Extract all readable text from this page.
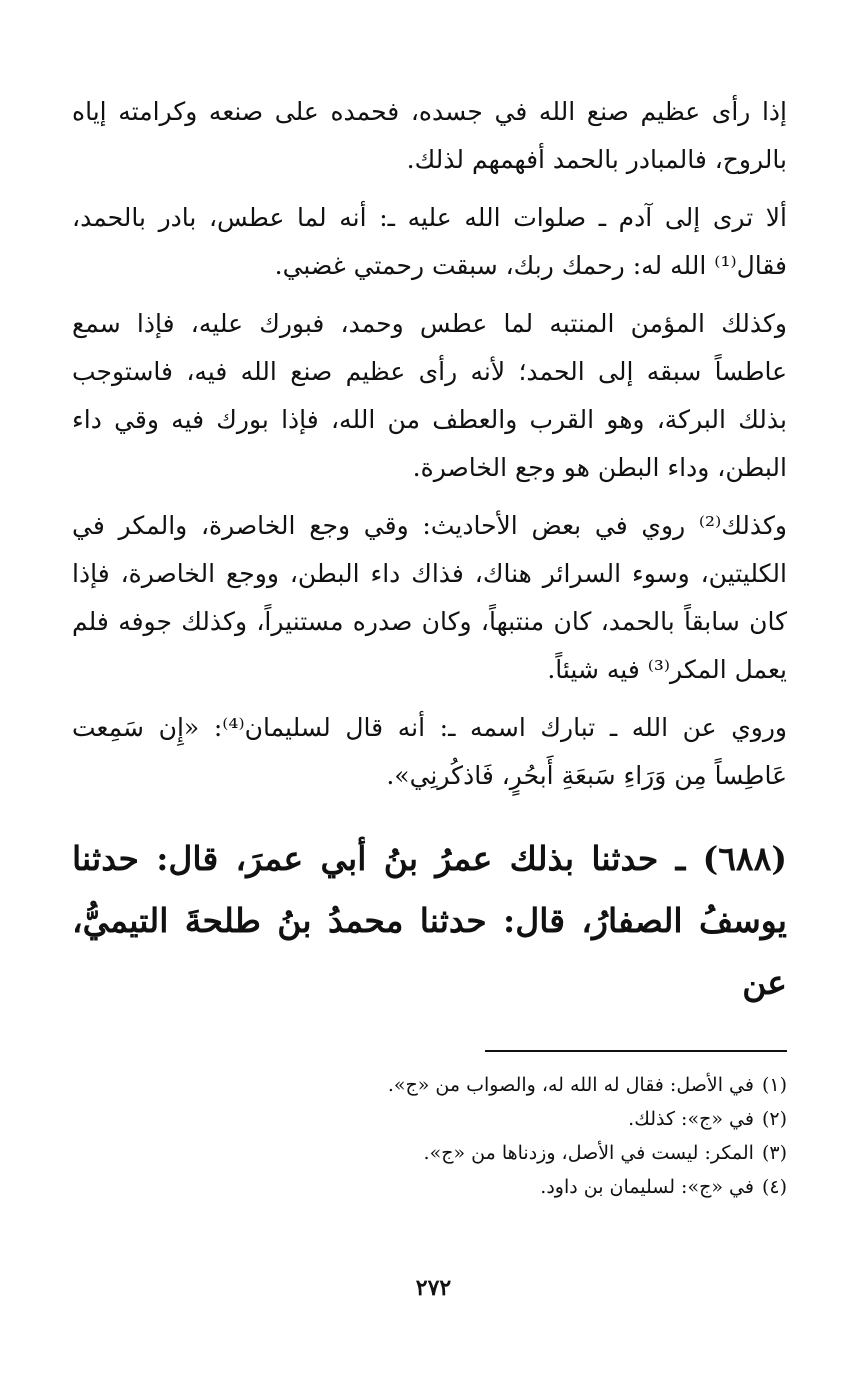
إذا رأى عظيم صنع الله في جسده، فحمده على صنعه وكرامته إياه بالروح، فالمبادر بالحمد أفهمهم لذلك.

ألا ترى إلى آدم ـ صلوات الله عليه ـ: أنه لما عطس، بادر بالحمد، فقال⁽¹⁾ الله له: رحمك ربك، سبقت رحمتي غضبي.

وكذلك المؤمن المنتبه لما عطس وحمد، فبورك عليه، فإذا سمع عاطساً سبقه إلى الحمد؛ لأنه رأى عظيم صنع الله فيه، فاستوجب بذلك البركة، وهو القرب والعطف من الله، فإذا بورك فيه وقي داء البطن، وداء البطن هو وجع الخاصرة.

وكذلك⁽²⁾ روي في بعض الأحاديث: وقي وجع الخاصرة، والمكر في الكليتين، وسوء السرائر هناك، فذاك داء البطن، ووجع الخاصرة، فإذا كان سابقاً بالحمد، كان منتبهاً، وكان صدره مستنيراً، وكذلك جوفه فلم يعمل المكر⁽³⁾ فيه شيئاً.

وروي عن الله ـ تبارك اسمه ـ: أنه قال لسليمان⁽⁴⁾: «إِن سَمِعت عَاطِساً مِن وَرَاءِ سَبعَةِ أَبحُرٍ، فَاذكُرنِي».

(٦٨٨) ـ حدثنا بذلك عمرُ بنُ أبي عمرَ، قال: حدثنا يوسفُ الصفارُ، قال: حدثنا محمدُ بنُ طلحةَ التيميُّ، عن

(١)في الأصل: فقال له الله له، والصواب من «ج».
(٢)في «ج»: كذلك.
(٣)المكر: ليست في الأصل، وزدناها من «ج».
(٤)في «ج»: لسليمان بن داود.
٢٧٢
